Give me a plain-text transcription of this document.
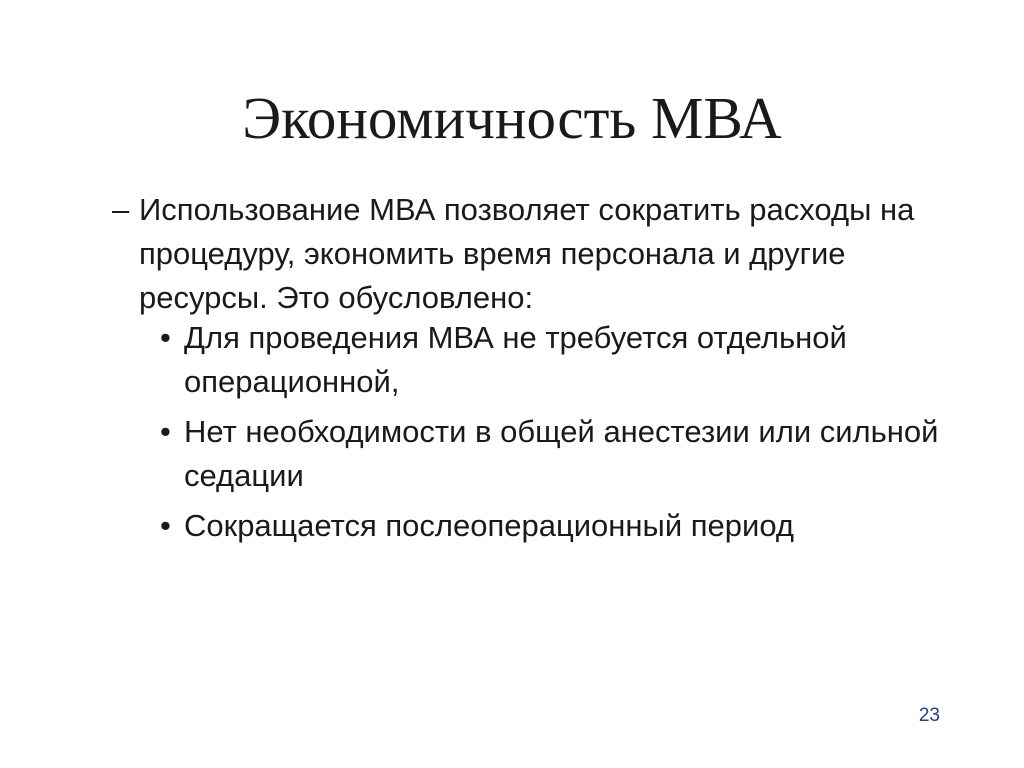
Экономичность МВА
– Использование МВА позволяет сократить расходы на процедуру, экономить время персонала и другие ресурсы. Это обусловлено:
• Для проведения МВА не требуется отдельной операционной,
• Нет необходимости в общей анестезии или сильной седации
• Сокращается послеоперационный период
23
